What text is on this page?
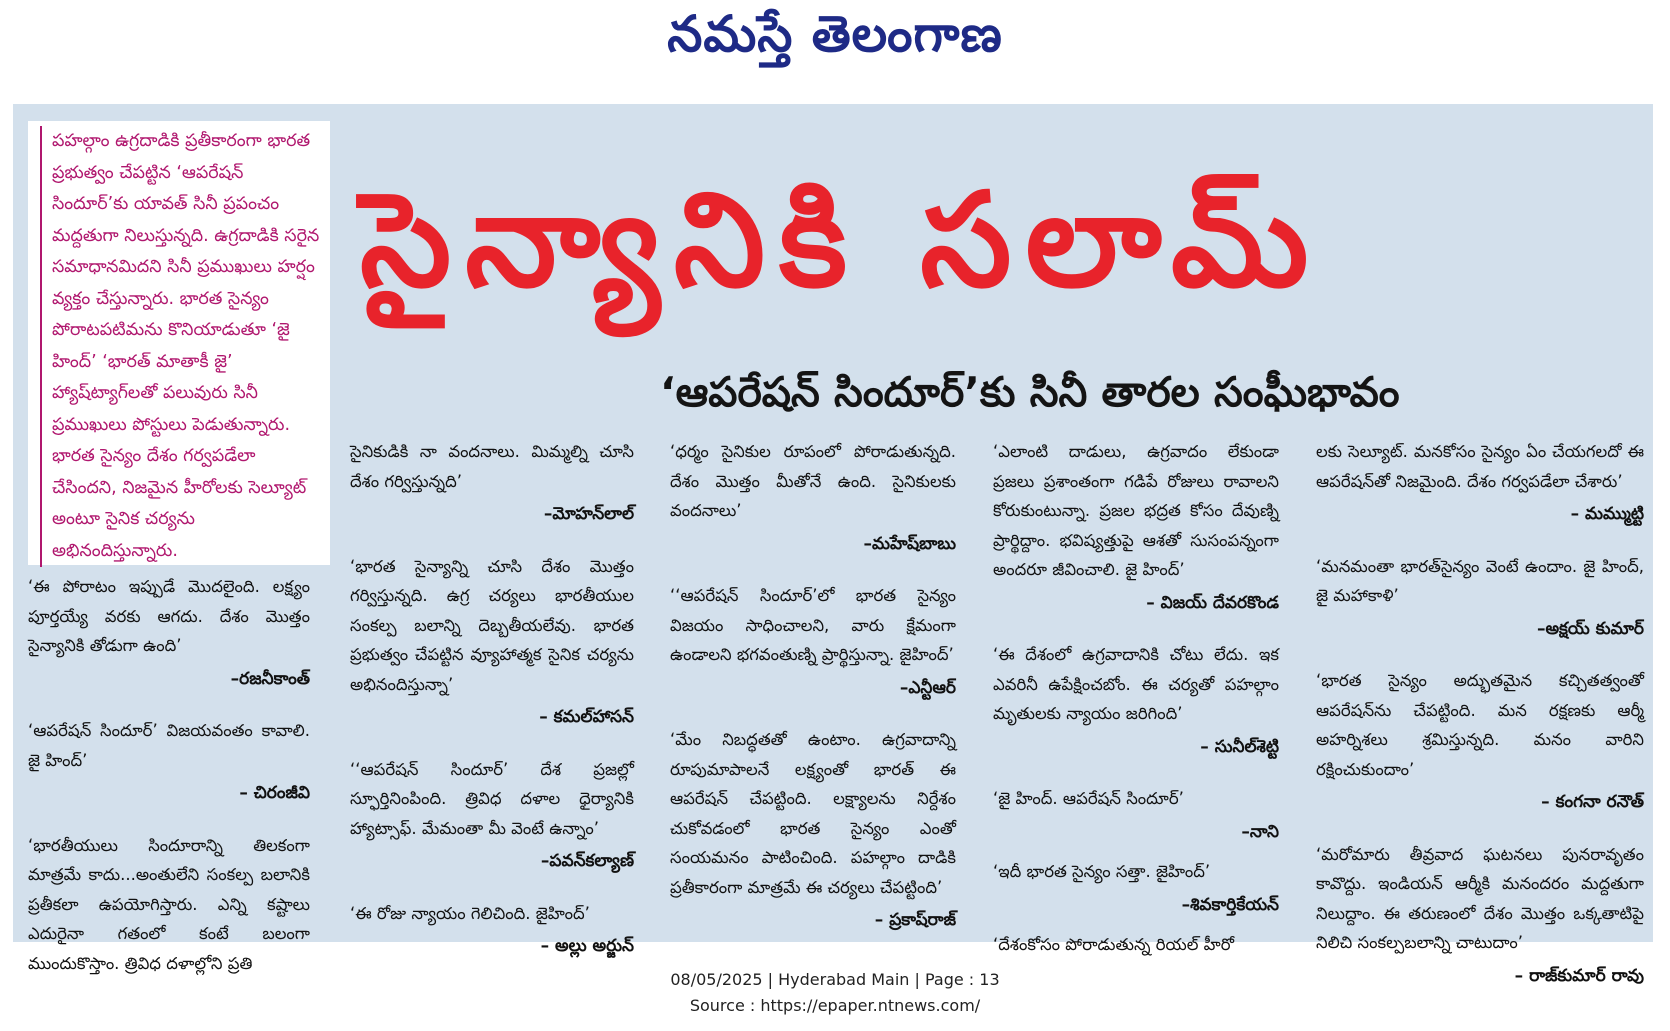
నమస్తే తెలంగాణ

పహల్గాం ఉగ్రదాడికి ప్రతీకారంగా భారత ప్రభుత్వం చేపట్టిన ‘ఆపరేషన్ సిందూర్’కు యావత్ సినీ ప్రపంచం మద్దతుగా నిలుస్తున్నది. ఉగ్రదాడికి సరైన సమాధానమిదని సినీ ప్రముఖులు హర్షం వ్యక్తం చేస్తున్నారు. భారత సైన్యం పోరాటపటిమను కొనియాడుతూ ‘జై హింద్’ ‘భారత్ మాతాకీ జై’ హ్యాష్‌ట్యాగ్‌లతో పలువురు సినీ ప్రముఖులు పోస్టులు పెడుతున్నారు. భారత సైన్యం దేశం గర్వపడేలా చేసిందని, నిజమైన హీరోలకు సెల్యూట్ అంటూ సైనిక చర్యను అభినందిస్తున్నారు.

సైన్యానికి సలామ్
‘ఆపరేషన్ సిందూర్’కు సినీ తారల సంఘీభావం

‘ఈ పోరాటం ఇప్పుడే మొదలైంది. లక్ష్యం పూర్తయ్యే వరకు ఆగదు. దేశం మొత్తం సైన్యానికి తోడుగా ఉంది’

–రజనీకాంత్

‘ఆపరేషన్ సిందూర్’ విజయవంతం కావాలి. జై హింద్’

– చిరంజీవి

‘భారతీయులు సిందూరాన్ని తిలకంగా మాత్రమే కాదు...అంతులేని సంకల్ప బలానికి ప్రతీకలా ఉపయోగిస్తారు. ఎన్ని కష్టాలు ఎదురైనా గతంలో కంటే బలంగా ముందుకొస్తాం. త్రివిధ దళాల్లోని ప్రతి

సైనికుడికి నా వందనాలు. మిమ్మల్ని చూసి దేశం గర్విస్తున్నది’

–మోహన్‌లాల్

‘భారత సైన్యాన్ని చూసి దేశం మొత్తం గర్విస్తున్నది. ఉగ్ర చర్యలు భారతీయుల సంకల్ప బలాన్ని దెబ్బతీయలేవు. భారత ప్రభుత్వం చేపట్టిన వ్యూహాత్మక సైనిక చర్యను అభినందిస్తున్నా’

– కమల్‌హాసన్

‘‘ఆపరేషన్ సిందూర్’ దేశ ప్రజల్లో స్ఫూర్తినింపింది. త్రివిధ దళాల ధైర్యానికి హ్యాట్సాఫ్. మేమంతా మీ వెంటే ఉన్నాం’

–పవన్‌కల్యాణ్

‘ఈ రోజు న్యాయం గెలిచింది. జైహింద్’

– అల్లు అర్జున్

‘ధర్మం సైనికుల రూపంలో పోరాడుతున్నది. దేశం మొత్తం మీతోనే ఉంది. సైనికులకు వందనాలు’

–మహేష్‌బాబు

‘‘ఆపరేషన్ సిందూర్’లో భారత సైన్యం విజయం సాధించాలని, వారు క్షేమంగా ఉండాలని భగవంతుణ్ని ప్రార్థిస్తున్నా. జైహింద్’

–ఎన్టీఆర్

‘మేం నిబద్ధతతో ఉంటాం. ఉగ్రవాదాన్ని రూపుమాపాలనే లక్ష్యంతో భారత్ ఈ ఆపరేషన్ చేపట్టింది. లక్ష్యాలను నిర్దేశం చుకోవడంలో భారత సైన్యం ఎంతో సంయమనం పాటించింది. పహల్గాం దాడికి ప్రతీకారంగా మాత్రమే ఈ చర్యలు చేపట్టింది’

– ప్రకాష్‌రాజ్

‘ఎలాంటి దాడులు, ఉగ్రవాదం లేకుండా ప్రజలు ప్రశాంతంగా గడిపే రోజులు రావాలని కోరుకుంటున్నా. ప్రజల భద్రత కోసం దేవుణ్ని ప్రార్థిద్దాం. భవిష్యత్తుపై ఆశతో సుసంపన్నంగా అందరూ జీవించాలి. జై హింద్’

– విజయ్ దేవరకొండ

‘ఈ దేశంలో ఉగ్రవాదానికి చోటు లేదు. ఇక ఎవరినీ ఉపేక్షించబోం. ఈ చర్యతో పహల్గాం మృతులకు న్యాయం జరిగింది’

– సునీల్‌శెట్టి

‘జై హింద్. ఆపరేషన్ సిందూర్’

–నాని

‘ఇదీ భారత సైన్యం సత్తా. జైహింద్’

–శివకార్తికేయన్

‘దేశంకోసం పోరాడుతున్న రియల్ హీరో

లకు సెల్యూట్. మనకోసం సైన్యం ఏం చేయగలదో ఈ ఆపరేషన్‌తో నిజమైంది. దేశం గర్వపడేలా చేశారు’

– మమ్ముట్టి

‘మనమంతా భారత్‌సైన్యం వెంటే ఉందాం. జై హింద్, జై మహాకాళి’

–అక్షయ్ కుమార్

‘భారత సైన్యం అద్భుతమైన కచ్చితత్వంతో ఆపరేషన్‌ను చేపట్టింది. మన రక్షణకు ఆర్మీ అహర్నిశలు శ్రమిస్తున్నది. మనం వారిని రక్షించుకుందాం’

– కంగనా రనౌత్

‘మరోమారు తీవ్రవాద ఘటనలు పునరావృతం కావొద్దు. ఇండియన్ ఆర్మీకి మనందరం మద్దతుగా నిలుద్దాం. ఈ తరుణంలో దేశం మొత్తం ఒక్కతాటిపై నిలిచి సంకల్పబలాన్ని చాటుదాం’

– రాజ్‌కుమార్ రావు

08/05/2025 | Hyderabad Main | Page : 13
Source : https://epaper.ntnews.com/
